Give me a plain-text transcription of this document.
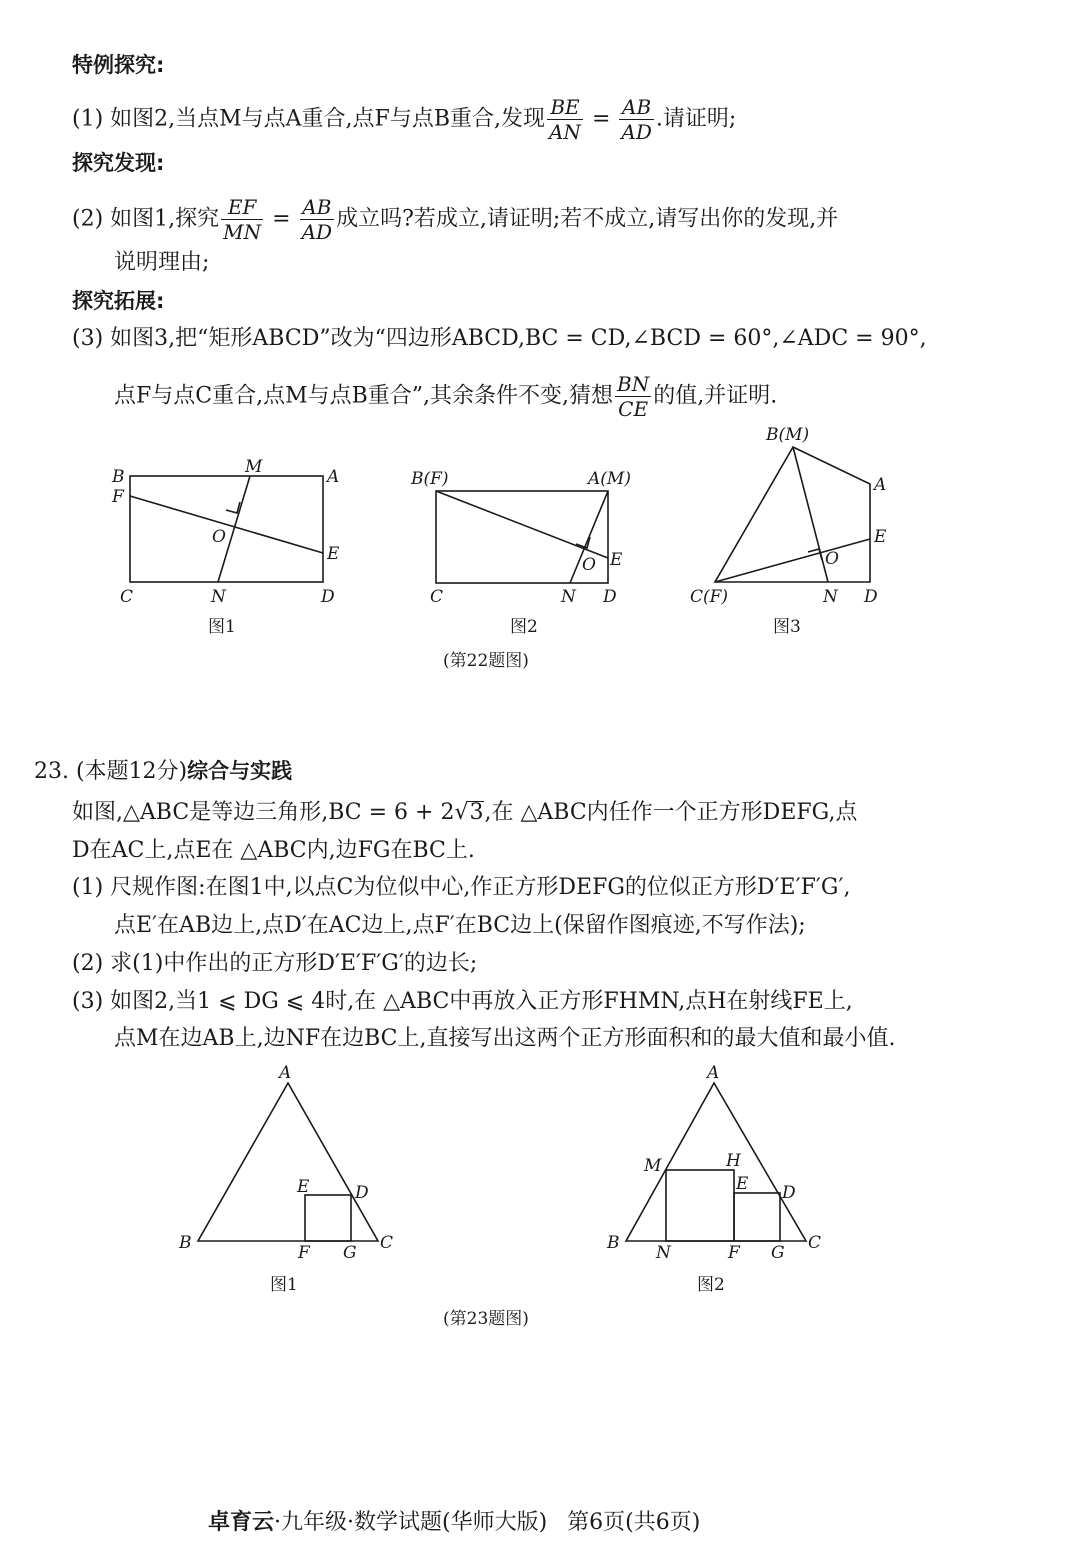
特例探究:
(1) 如图2,当点M与点A重合,点F与点B重合,发现 $\frac{BE}{AN} = \frac{AB}{AD}$ .请证明;
探究发现:
(2) 如图1,探究 $\frac{EF}{MN} = \frac{AB}{AD}$ 成立吗?若成立,请证明;若不成立,请写出你的发现,并
说明理由;
探究拓展:
(3) 如图3,把“矩形ABCD”改为“四边形ABCD,BC = CD,∠BCD = 60°,∠ADC = 90°,
点F与点C重合,点M与点B重合”,其余条件不变,猜想 $\frac{BN}{CE}$ 的值,并证明.
B	M	A
F
O
E
C	N	D
图1
B(F)	A(M)
O E
C	N D
图2
B(M)
A
E
O
C(F)	N D
图3
(第22题图)
23. (本题12分)综合与实践
如图,△ABC是等边三角形,BC = 6 + 2√3,在 △ABC内任作一个正方形DEFG,点
D在AC上,点E在 △ABC内,边FG在BC上.
(1) 尺规作图:在图1中,以点C为位似中心,作正方形DEFG的位似正方形D′E′F′G′,
点E′在AB边上,点D′在AC边上,点F′在BC边上(保留作图痕迹,不写作法);
(2) 求(1)中作出的正方形D′E′F′G′的边长;
(3) 如图2,当1 ⩽ DG ⩽ 4时,在 △ABC中再放入正方形FHMN,点H在射线FE上,
点M在边AB上,边NF在边BC上,直接写出这两个正方形面积和的最大值和最小值.
A
B	C
D
E
F G
图1
A
M	H
E D
B	C
N	F G
图2
(第23题图)
卓育云·九年级·数学试题(华师大版) 第6页(共6页)
